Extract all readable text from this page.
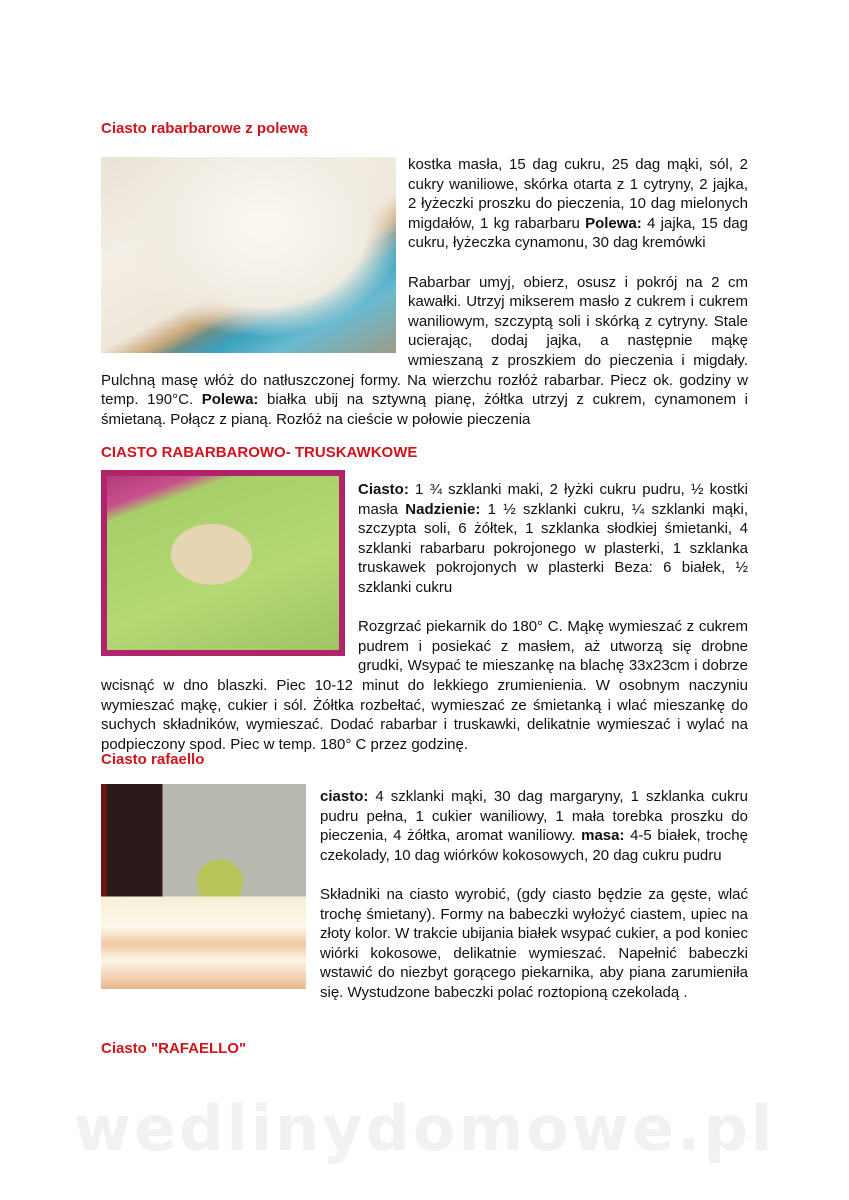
Ciasto rabarbarowe z polewą

kostka masła, 15 dag cukru, 25 dag mąki, sól, 2 cukry waniliowe, skórka otarta z 1 cytryny, 2 jajka, 2 łyżeczki proszku do pieczenia, 10 dag mielonych migdałów, 1 kg rabarbaru Polewa: 4 jajka, 15 dag cukru, łyżeczka cynamonu, 30 dag kremówki

Rabarbar umyj, obierz, osusz i pokrój na 2 cm kawałki. Utrzyj mikserem masło z cukrem i cukrem waniliowym, szczyptą soli i skórką z cytryny. Stale ucierając, dodaj jajka, a następnie mąkę wmieszaną z proszkiem do pieczenia i migdały. Pulchną masę włóż do natłuszczonej formy. Na wierzchu rozłóż rabarbar. Piecz ok. godziny w temp. 190°C. Polewa: białka ubij na sztywną pianę, żółtka utrzyj z cukrem, cynamonem i śmietaną. Połącz z pianą. Rozłóż na cieście w połowie pieczenia

CIASTO RABARBAROWO- TRUSKAWKOWE

Ciasto: 1 ¾ szklanki maki, 2 łyżki cukru pudru, ½ kostki masła Nadzienie: 1 ½ szklanki cukru, ¼ szklanki mąki, szczypta soli, 6 żółtek, 1 szklanka słodkiej śmietanki, 4 szklanki rabarbaru pokrojonego w plasterki, 1 szklanka truskawek pokrojonych w plasterki Beza: 6 białek, ½ szklanki cukru

Rozgrzać piekarnik do 180° C. Mąkę wymieszać z cukrem pudrem i posiekać z masłem, aż utworzą się drobne grudki, Wsypać te mieszankę na blachę 33x23cm i dobrze wcisnąć w dno blaszki. Piec 10-12 minut do lekkiego zrumienienia. W osobnym naczyniu wymieszać mąkę, cukier i sól. Żółtka rozbełtać, wymieszać ze śmietanką i wlać mieszankę do suchych składników, wymieszać. Dodać rabarbar i truskawki, delikatnie wymieszać i wylać na podpieczony spod. Piec w temp. 180° C przez godzinę.

Ciasto rafaello

ciasto: 4 szklanki mąki, 30 dag margaryny, 1 szklanka cukru pudru pełna, 1 cukier waniliowy, 1 mała torebka proszku do pieczenia, 4 żółtka, aromat waniliowy. masa: 4-5 białek, trochę czekolady, 10 dag wiórków kokosowych, 20 dag cukru pudru

Składniki na ciasto wyrobić, (gdy ciasto będzie za gęste, wlać trochę śmietany). Formy na babeczki wyłożyć ciastem, upiec na złoty kolor. W trakcie ubijania białek wsypać cukier, a pod koniec wiórki kokosowe, delikatnie wymieszać. Napełnić babeczki wstawić do niezbyt gorącego piekarnika, aby piana zarumieniła się. Wystudzone babeczki polać roztopioną czekoladą .

Ciasto "RAFAELLO"
wedlinydomowe.pl
